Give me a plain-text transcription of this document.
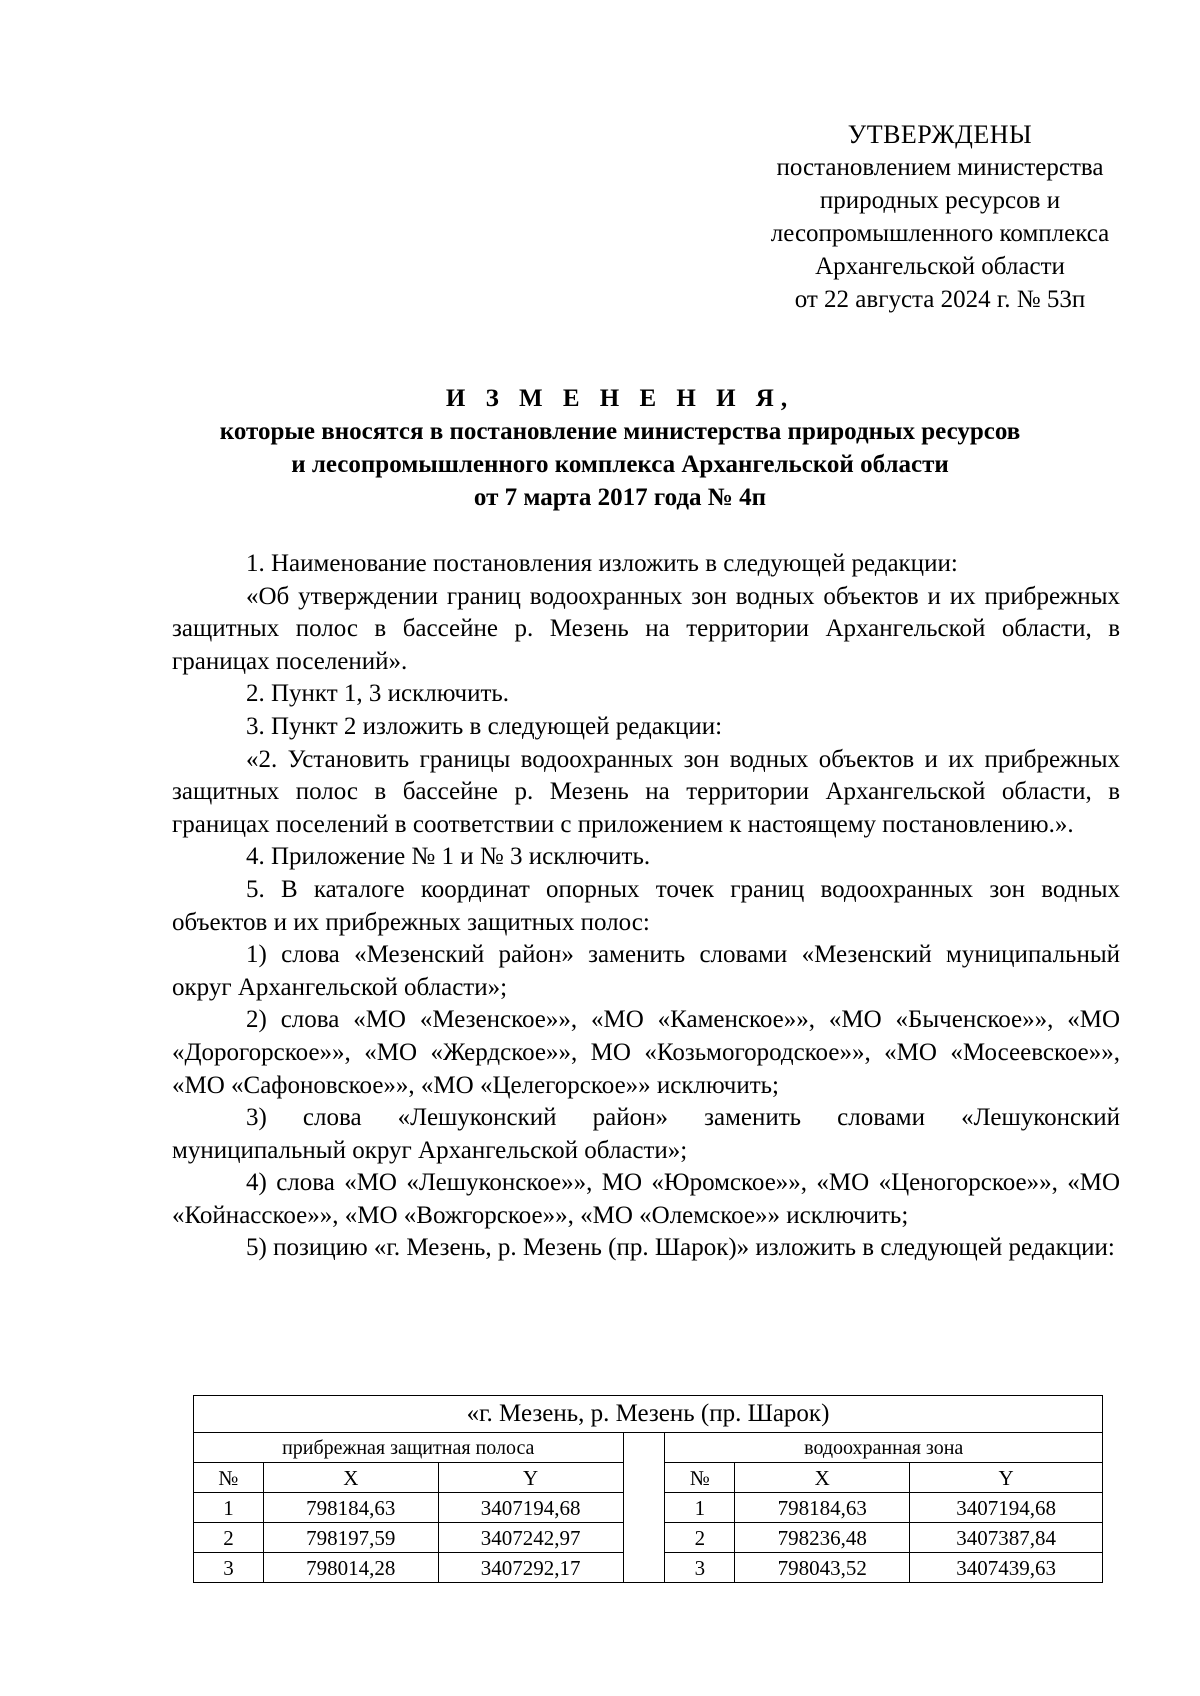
УТВЕРЖДЕНЫ
постановлением министерства
природных ресурсов и
лесопромышленного комплекса
Архангельской области
от 22 августа 2024 г. № 53п
И З М Е Н Е Н И Я,
которые вносятся в постановление министерства природных ресурсов
и лесопромышленного комплекса Архангельской области
от 7 марта 2017 года № 4п

1. Наименование постановления изложить в следующей редакции:

«Об утверждении границ водоохранных зон водных объектов и их прибрежных защитных полос в бассейне р. Мезень на территории Архангельской области, в границах поселений».

2. Пункт 1, 3 исключить.

3. Пункт 2 изложить в следующей редакции:

«2. Установить границы водоохранных зон водных объектов и их прибрежных защитных полос в бассейне р. Мезень на территории Архангельской области, в границах поселений в соответствии с приложением к настоящему постановлению.».

4. Приложение № 1 и № 3 исключить.

5. В каталоге координат опорных точек границ водоохранных зон водных объектов и их прибрежных защитных полос:

1) слова «Мезенский район» заменить словами «Мезенский муниципальный округ Архангельской области»;

2) слова «МО «Мезенское»», «МО «Каменское»», «МО «Быченское»», «МО «Дорогорское»», «МО «Жердское»», МО «Козьмогородское»», «МО «Мосеевское»», «МО «Сафоновское»», «МО «Целегорское»» исключить;

3) слова «Лешуконский район» заменить словами «Лешуконский муниципальный округ Архангельской области»;

4) слова «МО «Лешуконское»», МО «Юромское»», «МО «Ценогорское»», «МО «Койнасское»», «МО «Вожгорское»», «МО «Олемское»» исключить;

5) позицию «г. Мезень, р. Мезень (пр. Шарок)» изложить в следующей редакции:

«г. Мезень, р. Мезень (пр. Шарок)						
прибрежная защитная полоса				водоохранная зона		
№	X	Y		№	X	Y
1	798184,63	3407194,68		1	798184,63	3407194,68
2	798197,59	3407242,97		2	798236,48	3407387,84
3	798014,28	3407292,17		3	798043,52	3407439,63
